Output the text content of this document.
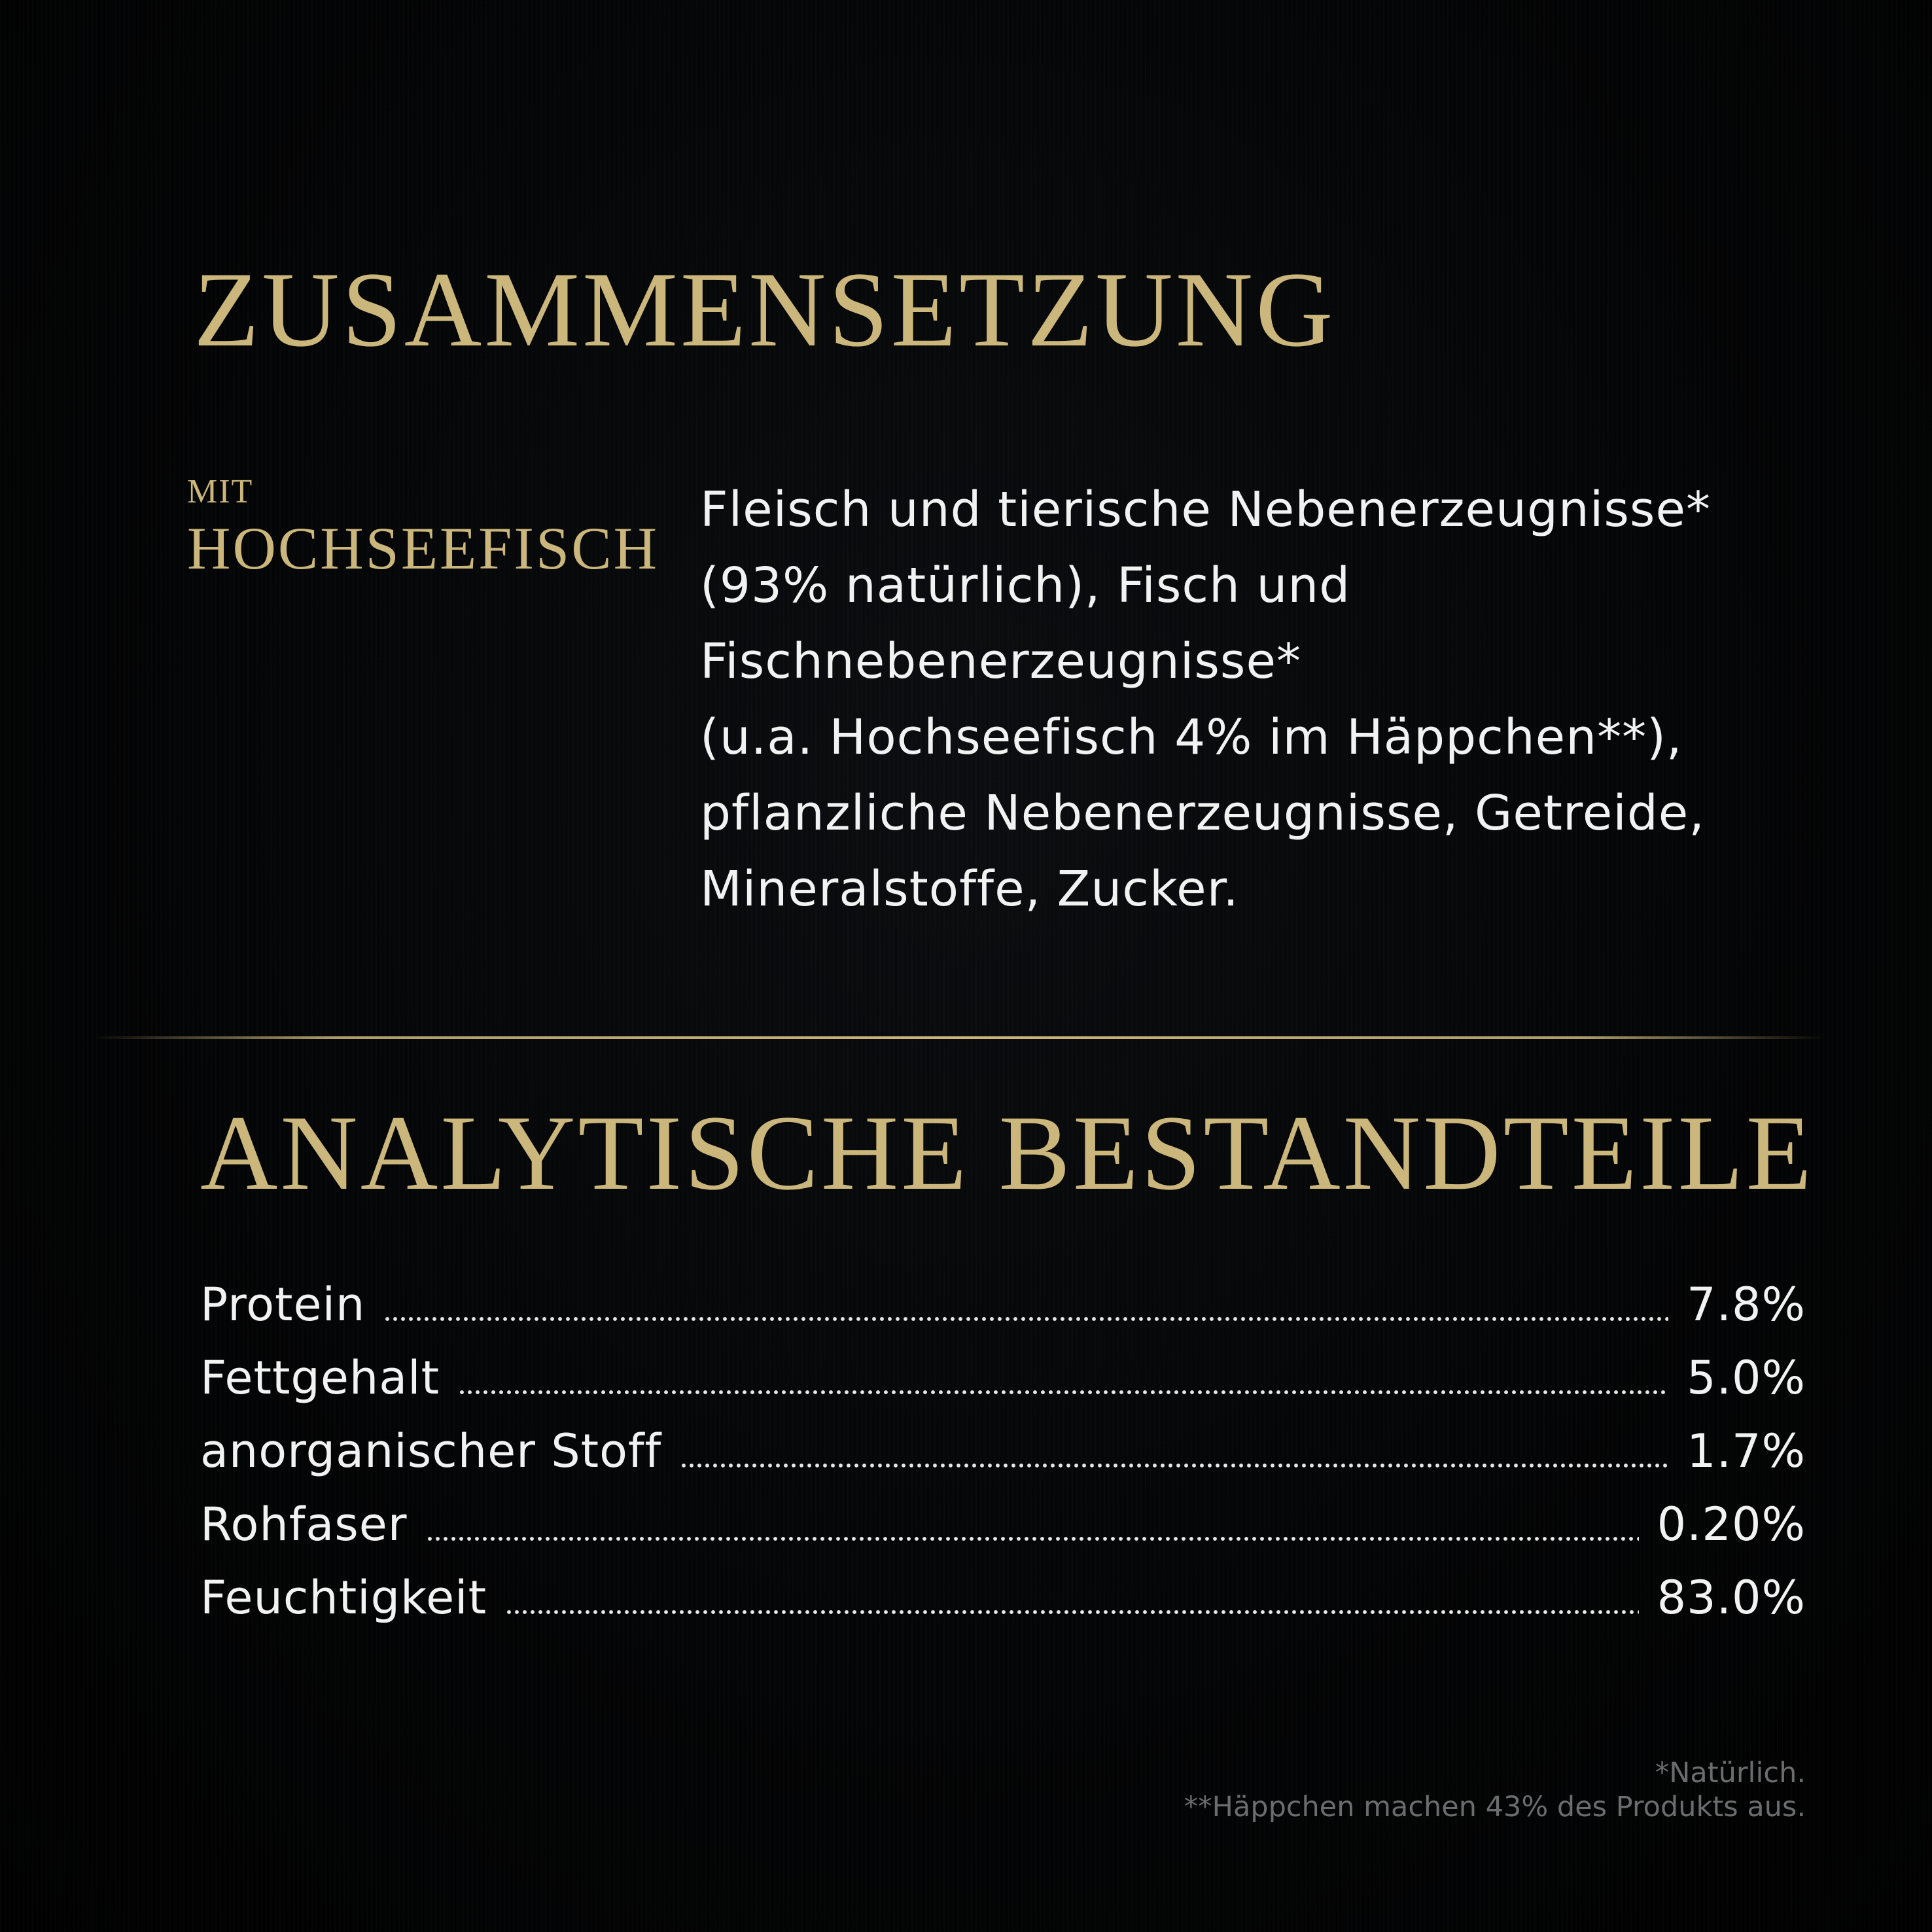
ZUSAMMENSETZUNG
MIT
HOCHSEEFISCH
Fleisch und tierische Nebenerzeugnisse*
(93% natürlich), Fisch und
Fischnebenerzeugnisse*
(u.a. Hochseefisch 4% im Häppchen**),
pflanzliche Nebenerzeugnisse, Getreide,
Mineralstoffe, Zucker.
ANALYTISCHE BESTANDTEILE
Protein	7.8%
Fettgehalt	5.0%
anorganischer Stoff	1.7%
Rohfaser	0.20%
Feuchtigkeit	83.0%
*Natürlich.
**Häppchen machen 43% des Produkts aus.
